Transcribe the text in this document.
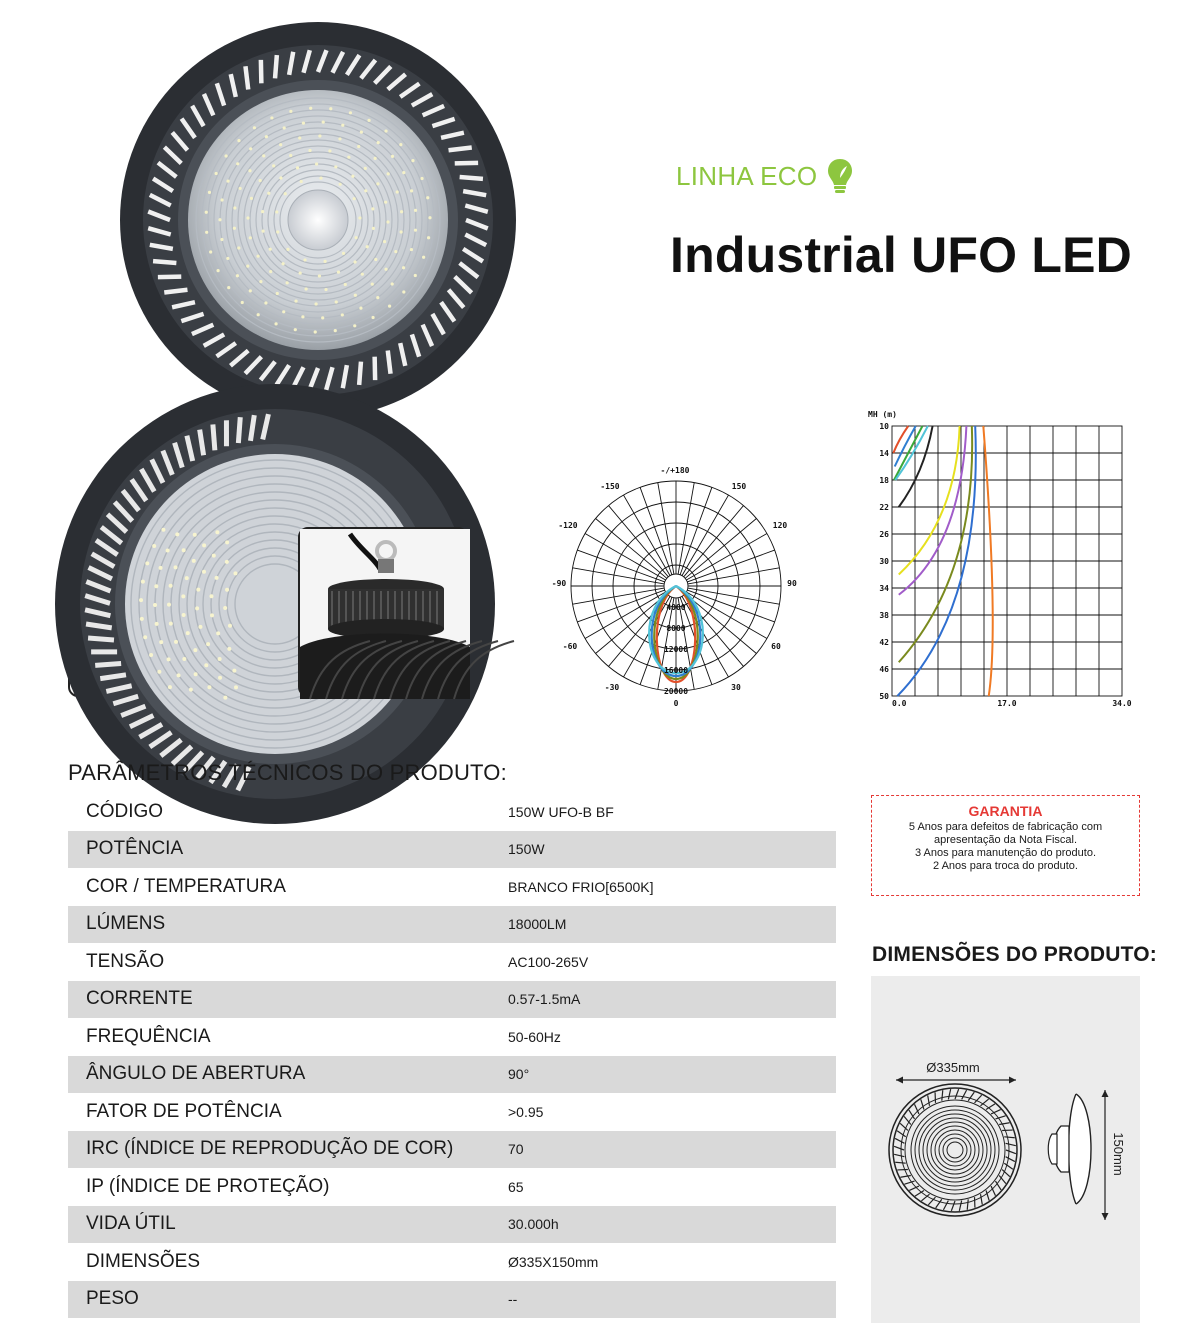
LINHA ECO
Industrial UFO LED
4000
8000
12000
16000
20000
-/+180
0
-150	150
-120	120
-90	90
-60	60
-30	30
MH (m)
10
14
18
22
26
30
34
38
42
46
50
0.0	17.0	34.0
PARÂMETROS TÉCNICOS DO PRODUTO:
CÓDIGO	150W UFO-B BF
POTÊNCIA	150W
COR / TEMPERATURA	BRANCO FRIO[6500K]
LÚMENS	18000LM
TENSÃO	AC100-265V
CORRENTE	0.57-1.5mA
FREQUÊNCIA	50-60Hz
ÂNGULO DE ABERTURA	90°
FATOR DE POTÊNCIA	>0.95
IRC (ÍNDICE DE REPRODUÇÃO DE COR)	70
IP (ÍNDICE DE PROTEÇÃO)	65
VIDA ÚTIL	30.000h
DIMENSÕES	Ø335X150mm
PESO	--
GARANTIA
5 Anos para defeitos de fabricação com
apresentação da Nota Fiscal.
3 Anos para manutenção do produto.
2 Anos para troca do produto.
DIMENSÕES DO PRODUTO:
Ø335mm
150mm
